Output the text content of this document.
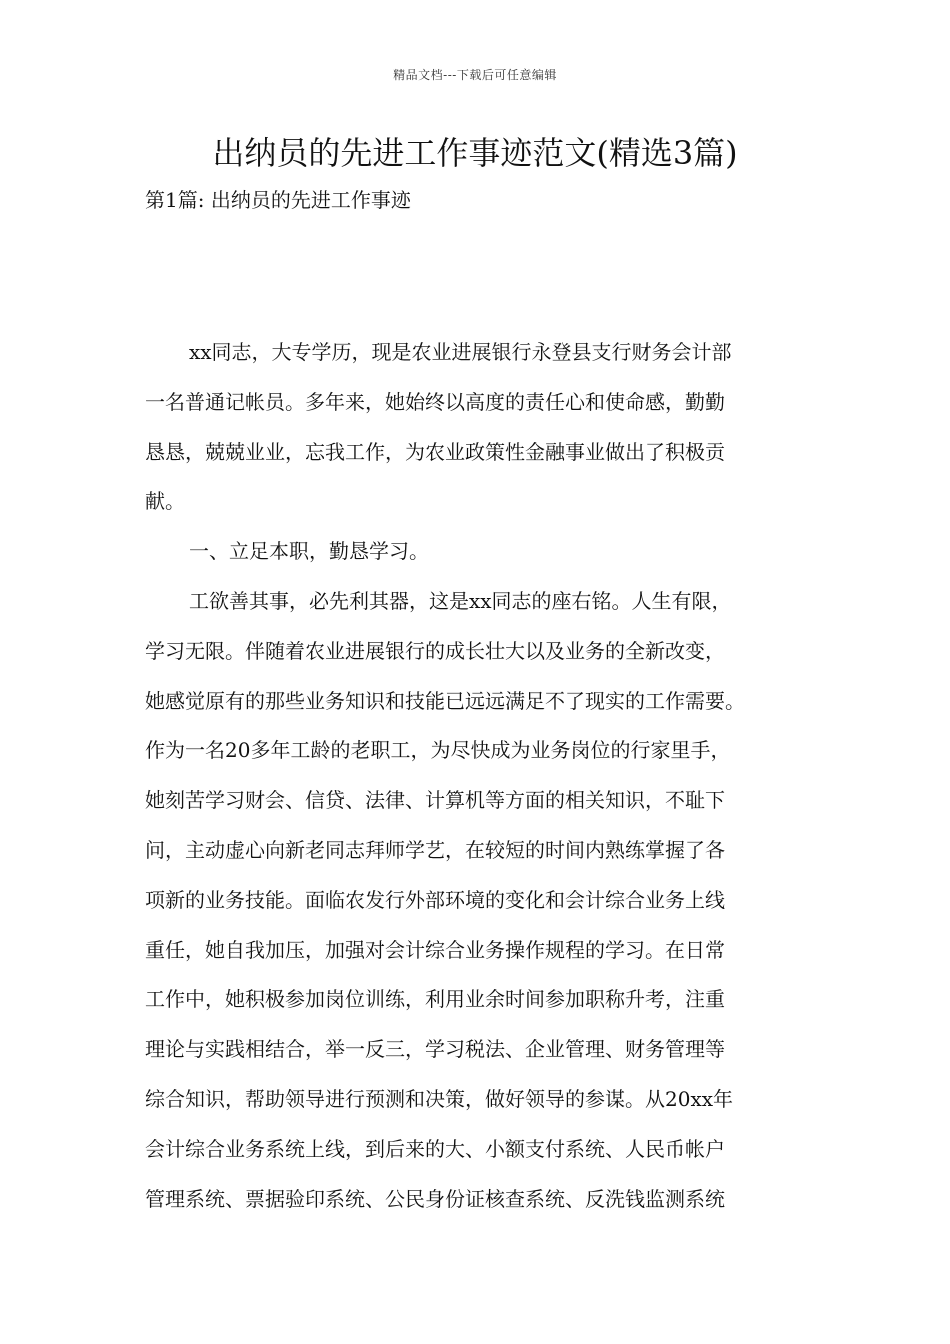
精品文档---下载后可任意编辑
出纳员的先进工作事迹范文(精选3篇)
第1篇: 出纳员的先进工作事迹
xx同志，大专学历，现是农业进展银行永登县支行财务会计部
一名普通记帐员。多年来，她始终以高度的责任心和使命感，勤勤
恳恳，兢兢业业，忘我工作，为农业政策性金融事业做出了积极贡
献。
一、立足本职，勤恳学习。
工欲善其事，必先利其器，这是xx同志的座右铭。人生有限，
学习无限。伴随着农业进展银行的成长壮大以及业务的全新改变，
她感觉原有的那些业务知识和技能已远远满足不了现实的工作需要。
作为一名20多年工龄的老职工，为尽快成为业务岗位的行家里手，
她刻苦学习财会、信贷、法律、计算机等方面的相关知识，不耻下
问，主动虚心向新老同志拜师学艺，在较短的时间内熟练掌握了各
项新的业务技能。面临农发行外部环境的变化和会计综合业务上线
重任，她自我加压，加强对会计综合业务操作规程的学习。在日常
工作中，她积极参加岗位训练，利用业余时间参加职称升考，注重
理论与实践相结合，举一反三，学习税法、企业管理、财务管理等
综合知识，帮助领导进行预测和决策，做好领导的参谋。从20xx年
会计综合业务系统上线，到后来的大、小额支付系统、人民币帐户
管理系统、票据验印系统、公民身份证核查系统、反洗钱监测系统
